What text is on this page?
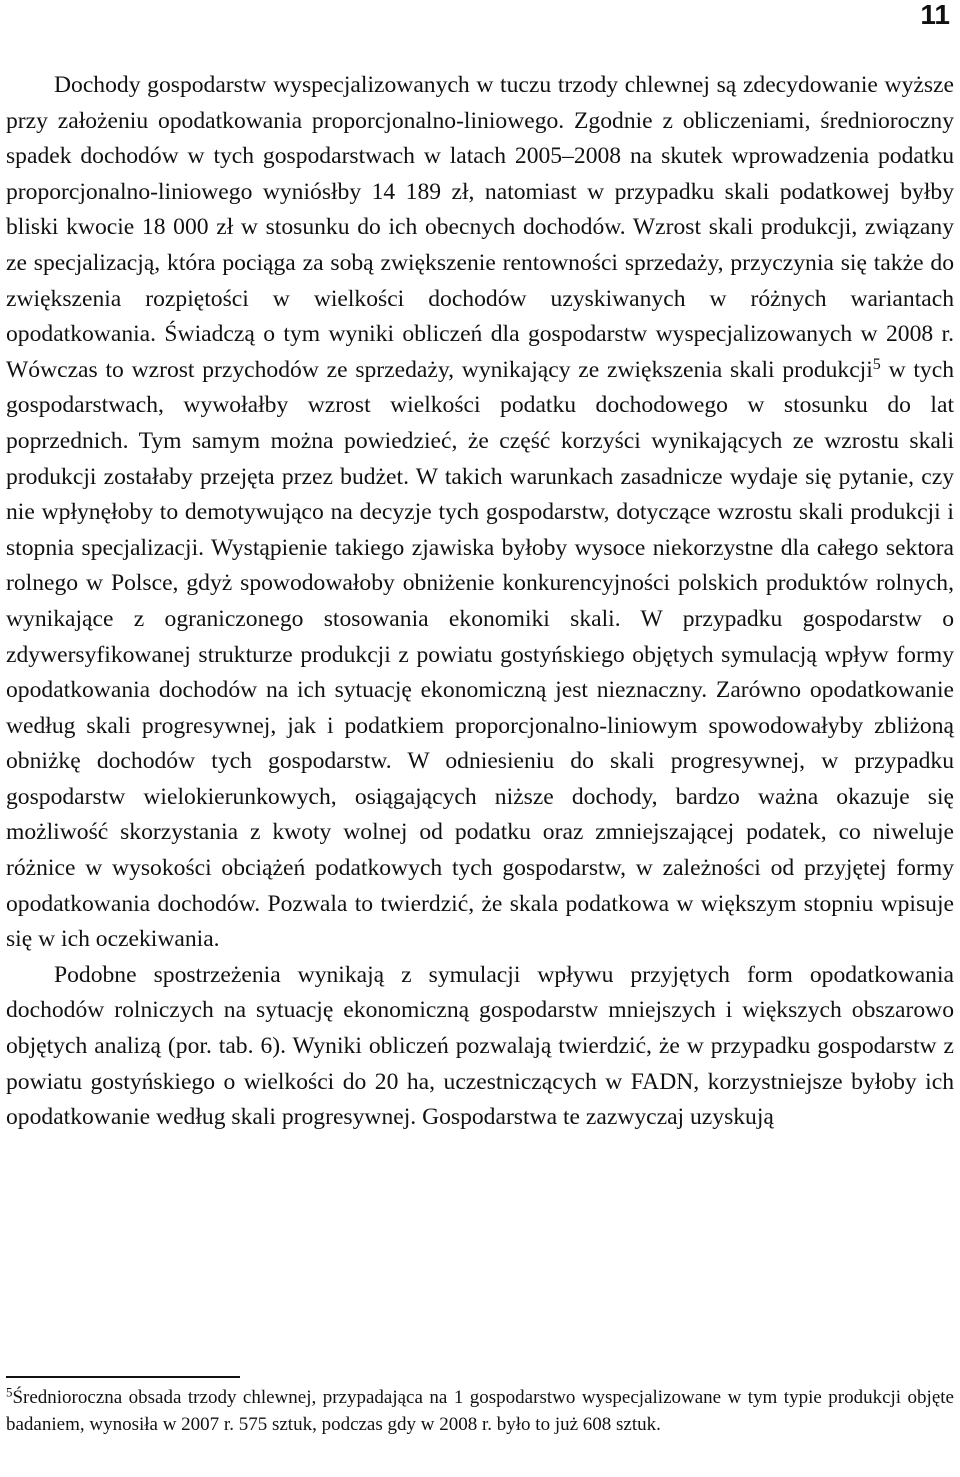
11

Dochody gospodarstw wyspecjalizowanych w tuczu trzody chlewnej są zdecydowanie wyższe przy założeniu opodatkowania proporcjonalno-liniowego. Zgodnie z obliczeniami, średnioroczny spadek dochodów w tych gospodarstwach w latach 2005–2008 na skutek wprowadzenia podatku proporcjonalno-liniowego wyniósłby 14 189 zł, natomiast w przypadku skali podatkowej byłby bliski kwocie 18 000 zł w stosunku do ich obecnych dochodów. Wzrost skali produkcji, związany ze specjalizacją, która pociąga za sobą zwiększenie rentowności sprzedaży, przyczynia się także do zwiększenia rozpiętości w wielkości dochodów uzyskiwanych w różnych wariantach opodatkowania. Świadczą o tym wyniki obliczeń dla gospodarstw wyspecjalizowanych w 2008 r. Wówczas to wzrost przychodów ze sprzedaży, wynikający ze zwiększenia skali produkcji$^5$ w tych gospodarstwach, wywołałby wzrost wielkości podatku dochodowego w stosunku do lat poprzednich. Tym samym można powiedzieć, że część korzyści wynikających ze wzrostu skali produkcji zostałaby przejęta przez budżet. W takich warunkach zasadnicze wydaje się pytanie, czy nie wpłynęłoby to demotywująco na decyzje tych gospodarstw, dotyczące wzrostu skali produkcji i stopnia specjalizacji. Wystąpienie takiego zjawiska byłoby wysoce niekorzystne dla całego sektora rolnego w Polsce, gdyż spowodowałoby obniżenie konkurencyjności polskich produktów rolnych, wynikające z ograniczonego stosowania ekonomiki skali. W przypadku gospodarstw o zdywersyfikowanej strukturze produkcji z powiatu gostyńskiego objętych symulacją wpływ formy opodatkowania dochodów na ich sytuację ekonomiczną jest nieznaczny. Zarówno opodatkowanie według skali progresywnej, jak i podatkiem proporcjonalno-liniowym spowodowałyby zbliżoną obniżkę dochodów tych gospodarstw. W odniesieniu do skali progresywnej, w przypadku gospodarstw wielokierunkowych, osiągających niższe dochody, bardzo ważna okazuje się możliwość skorzystania z kwoty wolnej od podatku oraz zmniejszającej podatek, co niweluje różnice w wysokości obciążeń podatkowych tych gospodarstw, w zależności od przyjętej formy opodatkowania dochodów. Pozwala to twierdzić, że skala podatkowa w większym stopniu wpisuje się w ich oczekiwania.

Podobne spostrzeżenia wynikają z symulacji wpływu przyjętych form opodatkowania dochodów rolniczych na sytuację ekonomiczną gospodarstw mniejszych i większych obszarowo objętych analizą (por. tab. 6). Wyniki obliczeń pozwalają twierdzić, że w przypadku gospodarstw z powiatu gostyńskiego o wielkości do 20 ha, uczestniczących w FADN, korzystniejsze byłoby ich opodatkowanie według skali progresywnej. Gospodarstwa te zazwyczaj uzyskują

$^5$Średnioroczna obsada trzody chlewnej, przypadająca na 1 gospodarstwo wyspecjalizowane w tym typie produkcji objęte badaniem, wynosiła w 2007 r. 575 sztuk, podczas gdy w 2008 r. było to już 608 sztuk.
